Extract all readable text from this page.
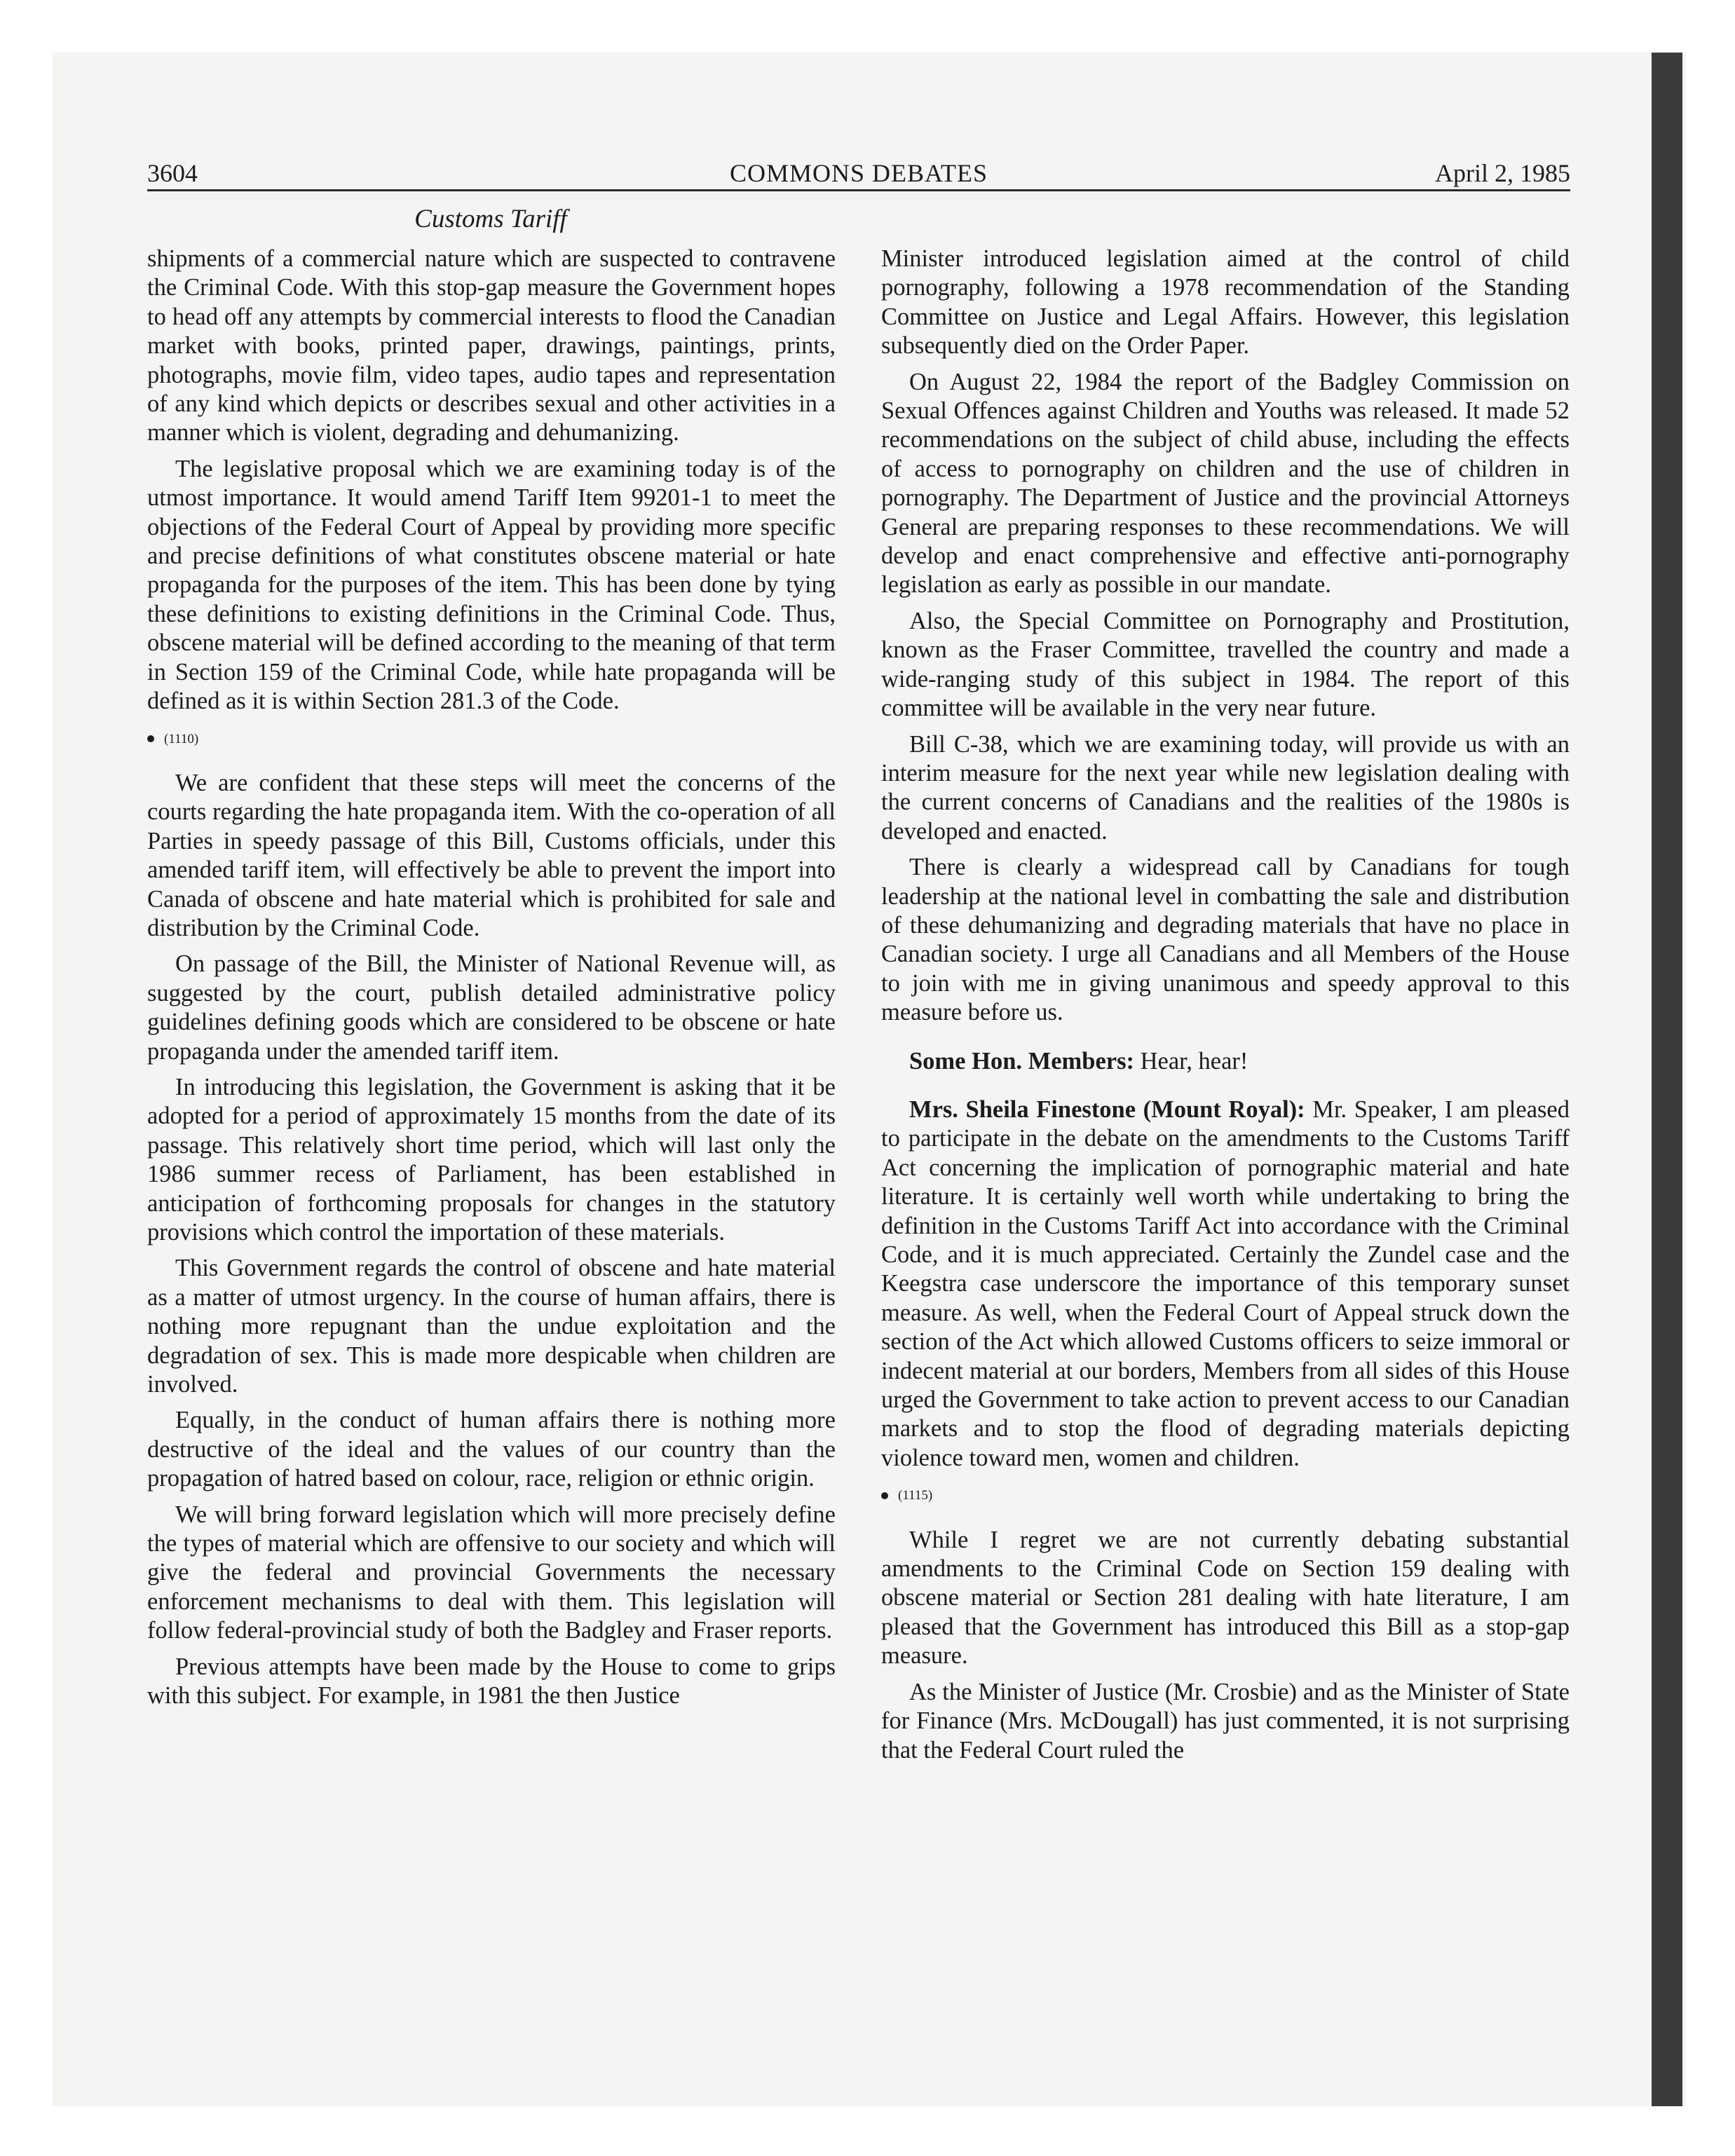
3604	COMMONS DEBATES	April 2, 1985
Customs Tariff

shipments of a commercial nature which are suspected to contravene the Criminal Code. With this stop-gap measure the Government hopes to head off any attempts by commercial interests to flood the Canadian market with books, printed paper, drawings, paintings, prints, photographs, movie film, video tapes, audio tapes and representation of any kind which depicts or describes sexual and other activities in a manner which is violent, degrading and dehumanizing.

The legislative proposal which we are examining today is of the utmost importance. It would amend Tariff Item 99201-1 to meet the objections of the Federal Court of Appeal by providing more specific and precise definitions of what constitutes obscene material or hate propaganda for the purposes of the item. This has been done by tying these definitions to existing definitions in the Criminal Code. Thus, obscene material will be defined according to the meaning of that term in Section 159 of the Criminal Code, while hate propaganda will be defined as it is within Section 281.3 of the Code.

(1110)

We are confident that these steps will meet the concerns of the courts regarding the hate propaganda item. With the co-operation of all Parties in speedy passage of this Bill, Customs officials, under this amended tariff item, will effectively be able to prevent the import into Canada of obscene and hate material which is prohibited for sale and distribution by the Criminal Code.

On passage of the Bill, the Minister of National Revenue will, as suggested by the court, publish detailed administrative policy guidelines defining goods which are considered to be obscene or hate propaganda under the amended tariff item.

In introducing this legislation, the Government is asking that it be adopted for a period of approximately 15 months from the date of its passage. This relatively short time period, which will last only the 1986 summer recess of Parliament, has been established in anticipation of forthcoming proposals for changes in the statutory provisions which control the importation of these materials.

This Government regards the control of obscene and hate material as a matter of utmost urgency. In the course of human affairs, there is nothing more repugnant than the undue exploitation and the degradation of sex. This is made more despicable when children are involved.

Equally, in the conduct of human affairs there is nothing more destructive of the ideal and the values of our country than the propagation of hatred based on colour, race, religion or ethnic origin.

We will bring forward legislation which will more precisely define the types of material which are offensive to our society and which will give the federal and provincial Governments the necessary enforcement mechanisms to deal with them. This legislation will follow federal-provincial study of both the Badgley and Fraser reports.

Previous attempts have been made by the House to come to grips with this subject. For example, in 1981 the then Justice

Minister introduced legislation aimed at the control of child pornography, following a 1978 recommendation of the Standing Committee on Justice and Legal Affairs. However, this legislation subsequently died on the Order Paper.

On August 22, 1984 the report of the Badgley Commission on Sexual Offences against Children and Youths was released. It made 52 recommendations on the subject of child abuse, including the effects of access to pornography on children and the use of children in pornography. The Department of Justice and the provincial Attorneys General are preparing responses to these recommendations. We will develop and enact comprehensive and effective anti-pornography legislation as early as possible in our mandate.

Also, the Special Committee on Pornography and Prostitution, known as the Fraser Committee, travelled the country and made a wide-ranging study of this subject in 1984. The report of this committee will be available in the very near future.

Bill C-38, which we are examining today, will provide us with an interim measure for the next year while new legislation dealing with the current concerns of Canadians and the realities of the 1980s is developed and enacted.

There is clearly a widespread call by Canadians for tough leadership at the national level in combatting the sale and distribution of these dehumanizing and degrading materials that have no place in Canadian society. I urge all Canadians and all Members of the House to join with me in giving unanimous and speedy approval to this measure before us.

Some Hon. Members: Hear, hear!

Mrs. Sheila Finestone (Mount Royal): Mr. Speaker, I am pleased to participate in the debate on the amendments to the Customs Tariff Act concerning the implication of pornographic material and hate literature. It is certainly well worth while undertaking to bring the definition in the Customs Tariff Act into accordance with the Criminal Code, and it is much appreciated. Certainly the Zundel case and the Keegstra case underscore the importance of this temporary sunset measure. As well, when the Federal Court of Appeal struck down the section of the Act which allowed Customs officers to seize immoral or indecent material at our borders, Members from all sides of this House urged the Government to take action to prevent access to our Canadian markets and to stop the flood of degrading materials depicting violence toward men, women and children.

(1115)

While I regret we are not currently debating substantial amendments to the Criminal Code on Section 159 dealing with obscene material or Section 281 dealing with hate literature, I am pleased that the Government has introduced this Bill as a stop-gap measure.

As the Minister of Justice (Mr. Crosbie) and as the Minister of State for Finance (Mrs. McDougall) has just commented, it is not surprising that the Federal Court ruled the
